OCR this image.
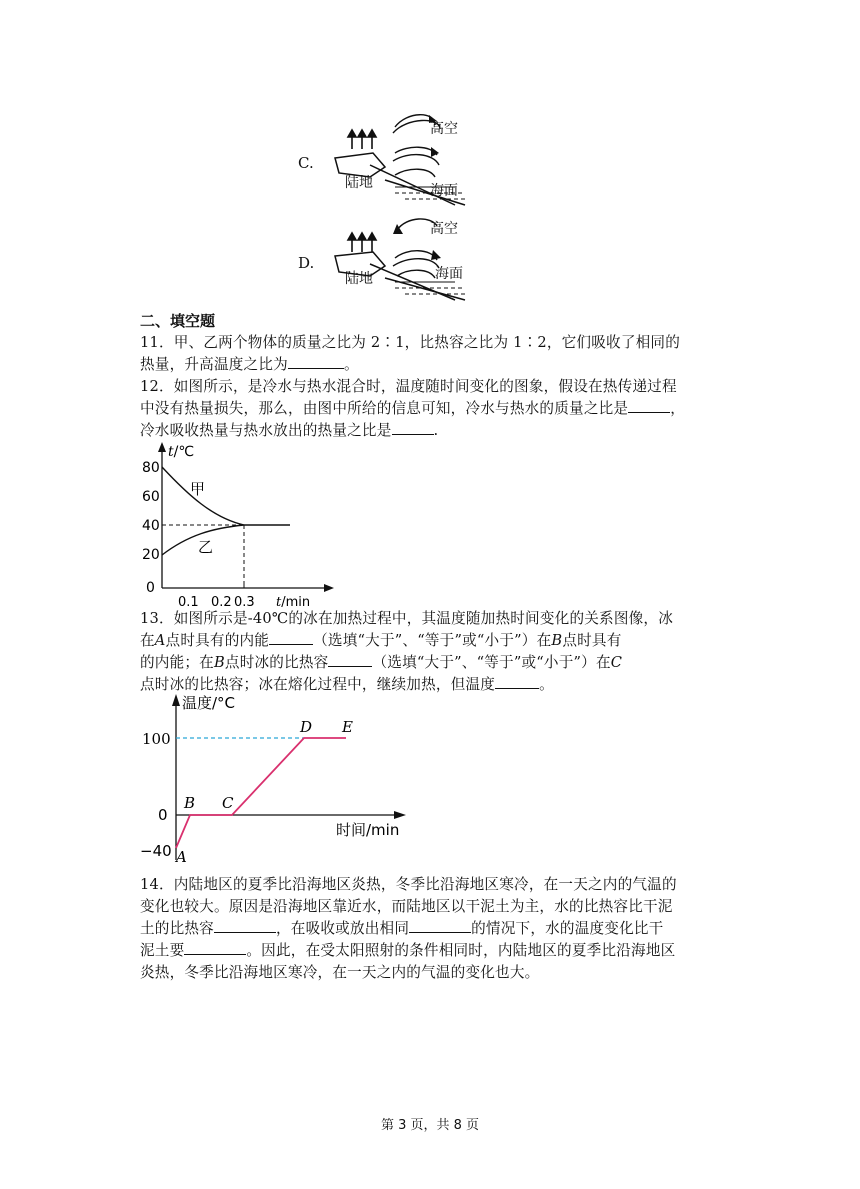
C.
高空
陆地	海面
D.
高空
陆地	海面
二、填空题

11．甲、乙两个物体的质量之比为 2∶1，比热容之比为 1∶2，它们吸收了相同的

热量，升高温度之比为	。

12．如图所示，是冷水与热水混合时，温度随时间变化的图象，假设在热传递过程

中没有热量损失，那么，由图中所给的信息可知，冷水与热水的质量之比是	，

冷水吸收热量与热水放出的热量之比是	.

80
60
40
20
0
t/℃
t/min
0.1 0.2 0.3
甲
乙

13．如图所示是-40℃的冰在加热过程中，其温度随加热时间变化的关系图像，冰

在A点时具有的内能	（选填“大于”、“等于”或“小于”）在B点时具有

的内能；在B点时冰的比热容	（选填“大于”、“等于”或“小于”）在C

点时冰的比热容；冰在熔化过程中，继续加热，但温度	。

温度/°C
时间/min
100
0
−40 A
B C
D E

14．内陆地区的夏季比沿海地区炎热，冬季比沿海地区寒冷，在一天之内的气温的

变化也较大。原因是沿海地区靠近水，而陆地区以干泥土为主，水的比热容比干泥

土的比热容	，在吸收或放出相同	的情况下，水的温度变化比干

泥土要	。因此，在受太阳照射的条件相同时，内陆地区的夏季比沿海地区

炎热，冬季比沿海地区寒冷，在一天之内的气温的变化也大。

第 3 页，共 8 页
